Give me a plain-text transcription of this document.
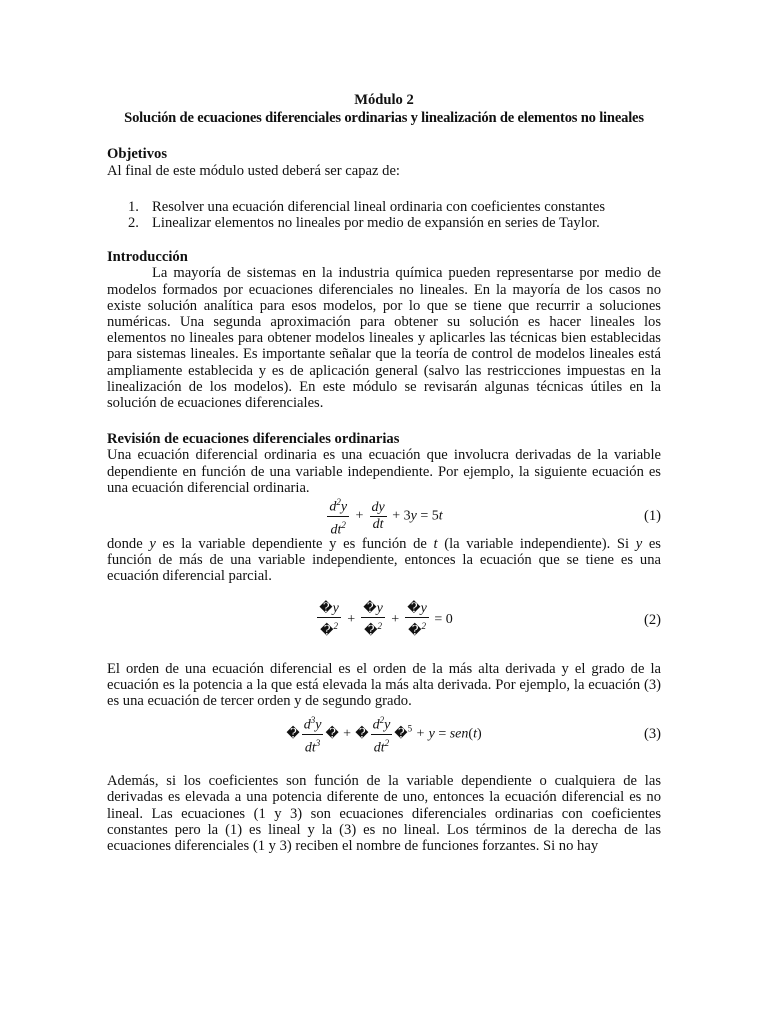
Módulo 2

Solución de ecuaciones diferenciales ordinarias y linealización de elementos no lineales

Objetivos

Al final de este módulo usted deberá ser capaz de:

1. Resolver una ecuación diferencial lineal ordinaria con coeficientes constantes
2. Linealizar elementos no lineales por medio de expansión en series de Taylor.

Introducción

La mayoría de sistemas en la industria química pueden representarse por medio de modelos formados por ecuaciones diferenciales no lineales. En la mayoría de los casos no existe solución analítica para esos modelos, por lo que se tiene que recurrir a soluciones numéricas. Una segunda aproximación para obtener su solución es hacer lineales los elementos no lineales para obtener modelos lineales y aplicarles las técnicas bien establecidas para sistemas lineales. Es importante señalar que la teoría de control de modelos lineales está ampliamente establecida y es de aplicación general (salvo las restricciones impuestas en la linealización de los modelos). En este módulo se revisarán algunas técnicas útiles en la solución de ecuaciones diferenciales.

Revisión de ecuaciones diferenciales ordinarias

Una ecuación diferencial ordinaria es una ecuación que involucra derivadas de la variable dependiente en función de una variable independiente. Por ejemplo, la siguiente ecuación es una ecuación diferencial ordinaria.

$\frac{d^2y}{dt^2} + \frac{dy}{dt} + 3y = 5t$	(1)

donde y es la variable dependiente y es función de t (la variable independiente). Si y es función de más de una variable independiente, entonces la ecuación que se tiene es una ecuación diferencial parcial.

$\frac{�y}{�^2} + \frac{�y}{�^2} + \frac{�y}{�^2} = 0$	(2)

El orden de una ecuación diferencial es el orden de la más alta derivada y el grado de la ecuación es la potencia a la que está elevada la más alta derivada. Por ejemplo, la ecuación (3) es una ecuación de tercer orden y de segundo grado.

� $\frac{d^3y}{dt^3}$ � + � $\frac{d^2y}{dt^2}$ �$^5$ + y = sen(t)	(3)

Además, si los coeficientes son función de la variable dependiente o cualquiera de las derivadas es elevada a una potencia diferente de uno, entonces la ecuación diferencial es no lineal. Las ecuaciones (1 y 3) son ecuaciones diferenciales ordinarias con coeficientes constantes pero la (1) es lineal y la (3) es no lineal. Los términos de la derecha de las ecuaciones diferenciales (1 y 3) reciben el nombre de funciones forzantes. Si no hay
